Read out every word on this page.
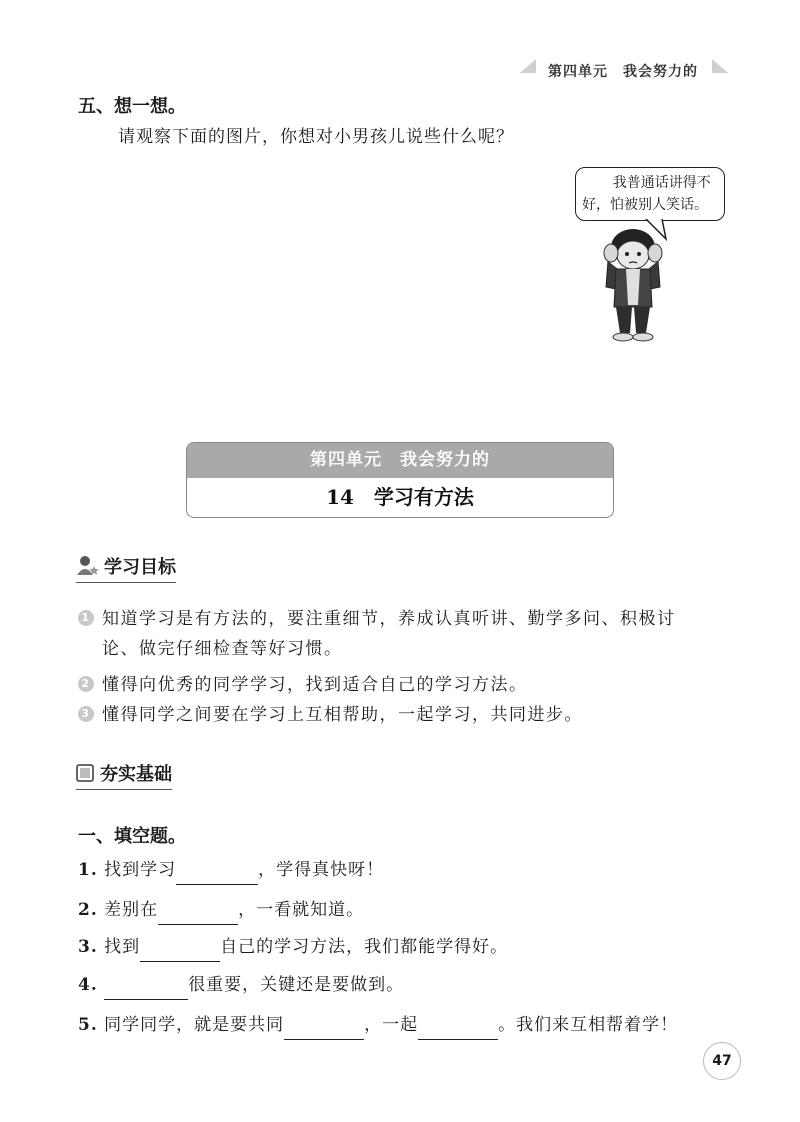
第四单元　我会努力的
五、想一想。
请观察下面的图片，你想对小男孩儿说些什么呢？
我普通话讲得不
好，怕被别人笑话。
第四单元　我会努力的
14　学习有方法
学习目标
1 知道学习是有方法的，要注重细节，养成认真听讲、勤学多问、积极讨
论、做完仔细检查等好习惯。
2 懂得向优秀的同学学习，找到适合自己的学习方法。
3 懂得同学之间要在学习上互相帮助，一起学习，共同进步。
夯实基础
一、填空题。
1. 找到学习	，学得真快呀！
2. 差别在	，一看就知道。
3. 找到	自己的学习方法，我们都能学得好。
4.	很重要，关键还是要做到。
5. 同学同学，就是要共同	，一起	。我们来互相帮着学！
47
